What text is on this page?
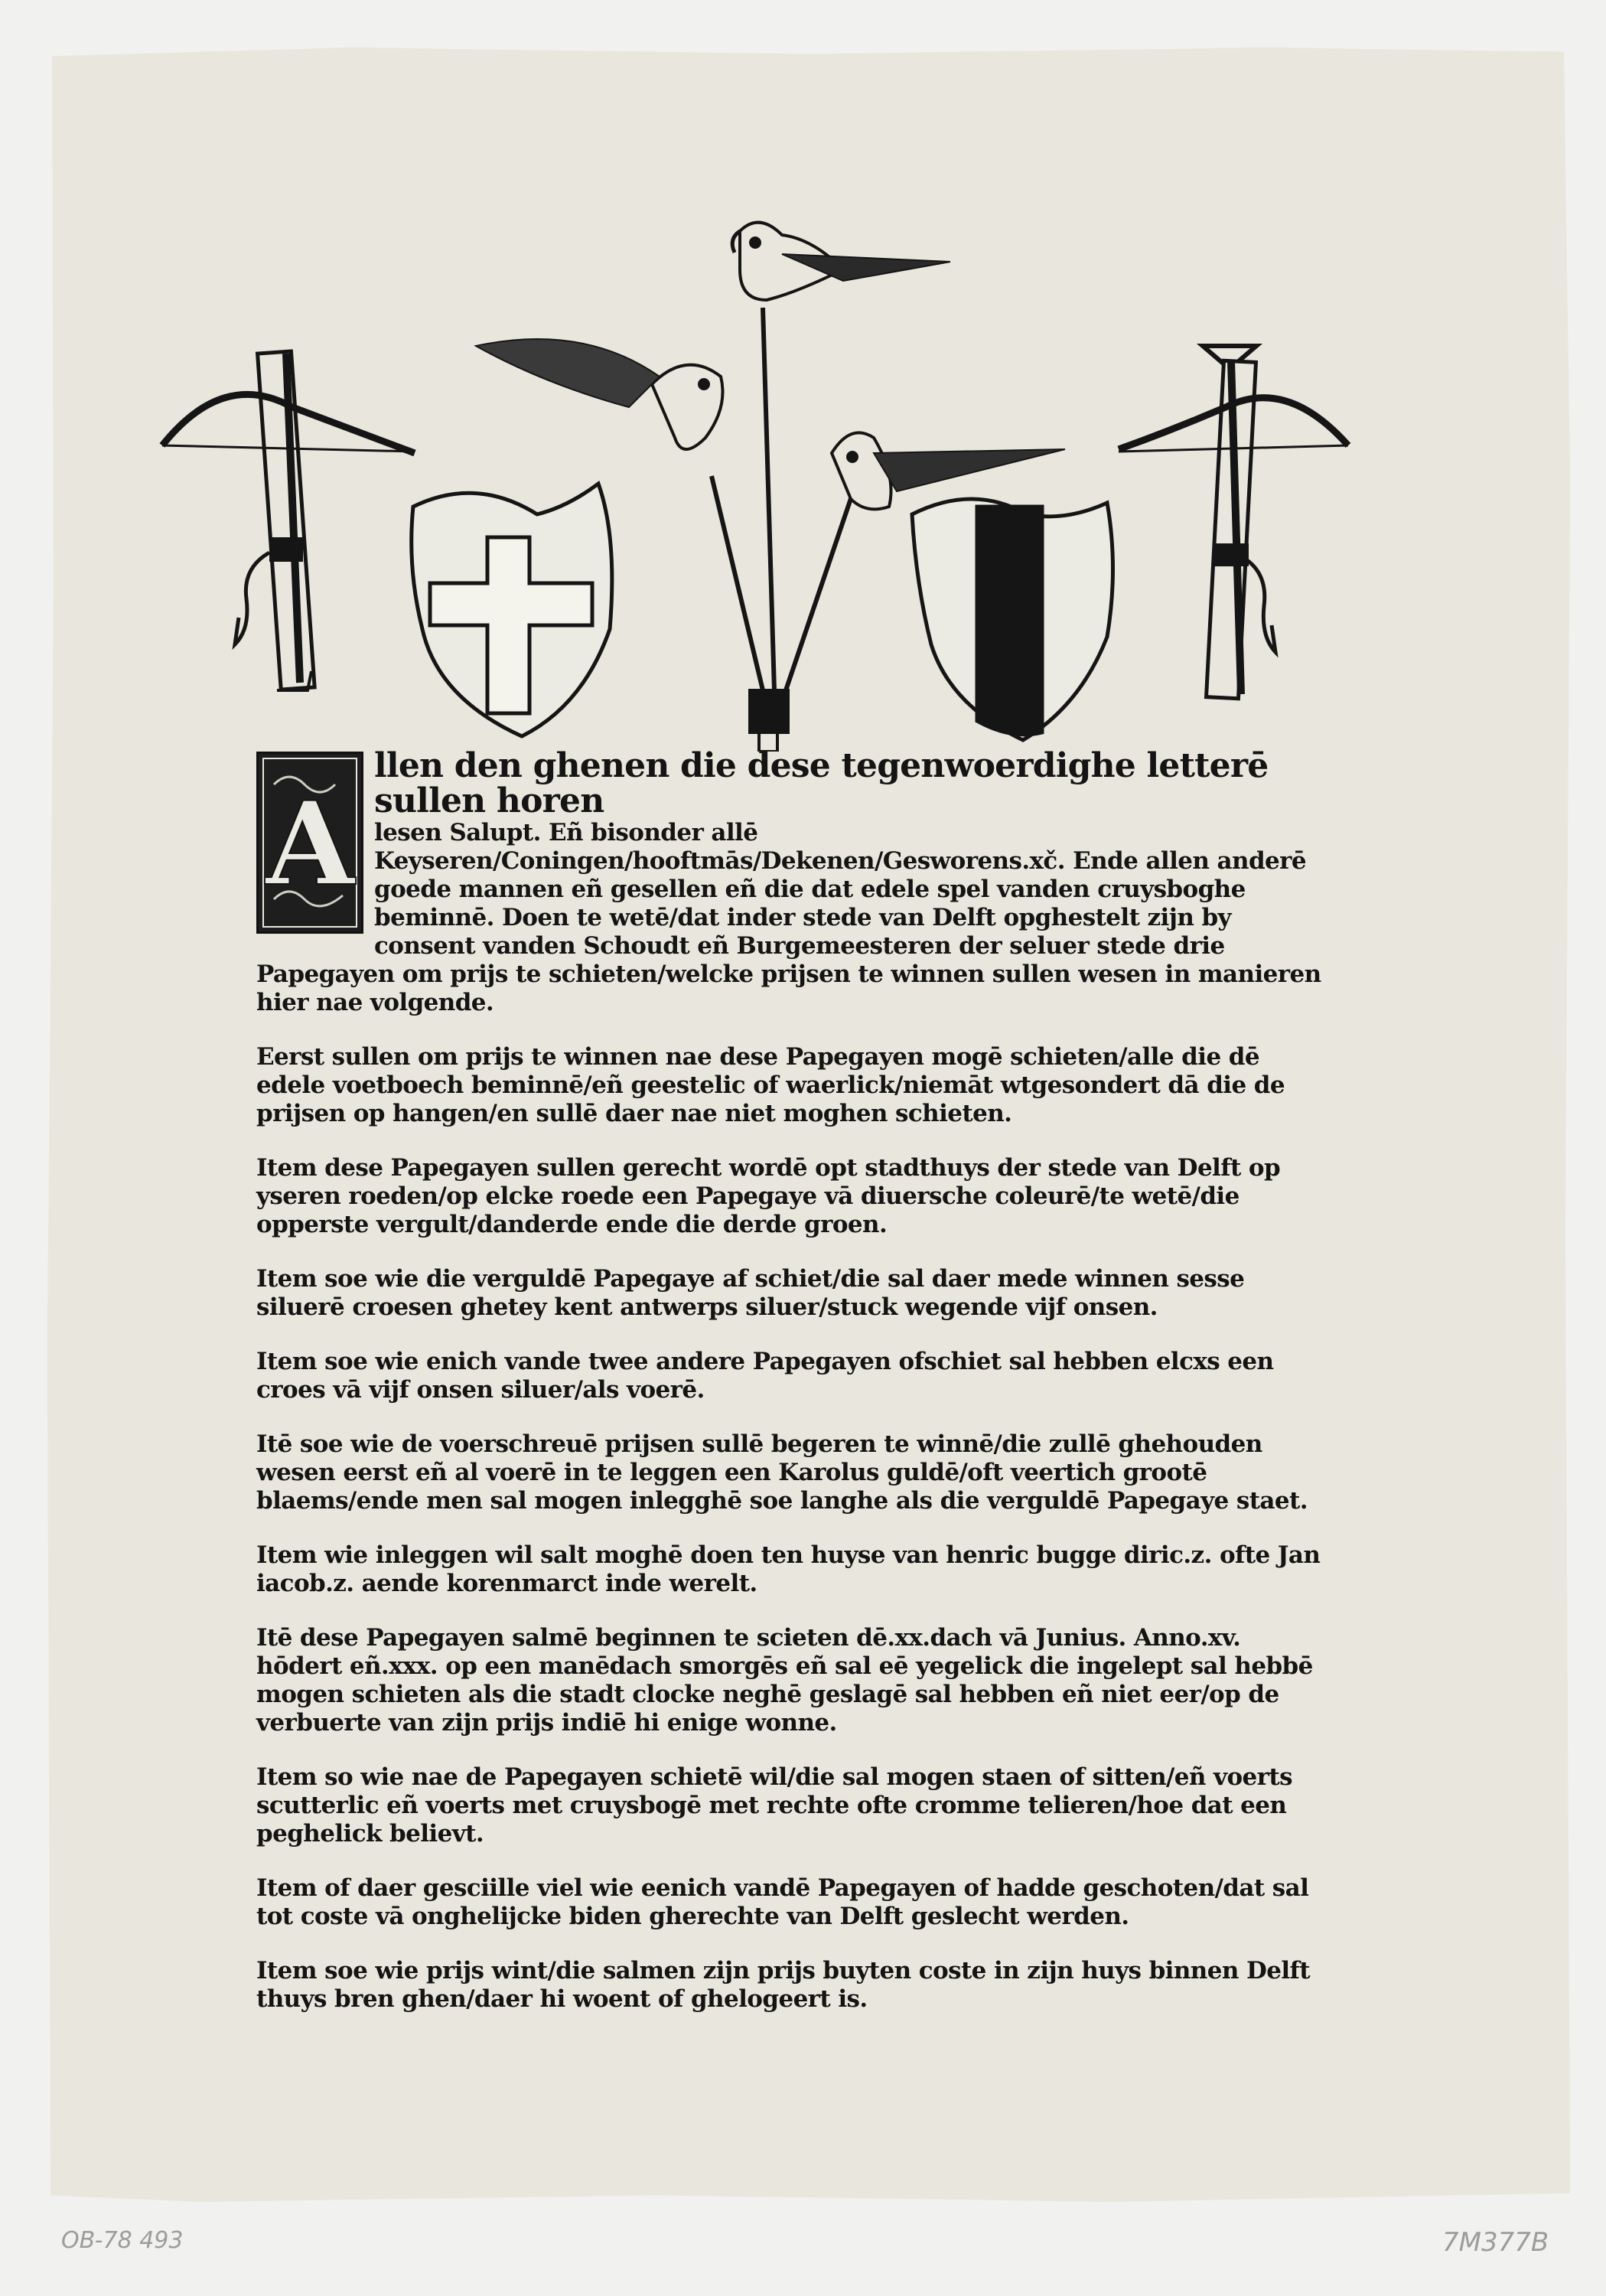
A
llen den ghenen die dese tegenwoerdighe letterē sullen horen
lesen Salupt. Eñ bisonder allē Keyseren/Coningen/hooftmās/Dekenen/Gesworens.xč. Ende allen anderē goede mannen eñ gesellen eñ die dat edele spel vanden cruysboghe beminnē. Doen te wetē/dat inder stede van Delft opghestelt zijn by consent vanden Schoudt eñ Burgemeesteren der seluer stede drie Papegayen om prijs te schieten/welcke prijsen te winnen sullen wesen in manieren hier nae volgende.

Eerst sullen om prijs te winnen nae dese Papegayen mogē schieten/alle die dē edele voetboech beminnē/eñ geestelic of waerlick/niemāt wtgesondert dā die de prijsen op hangen/en sullē daer nae niet moghen schieten.

Item dese Papegayen sullen gerecht wordē opt stadthuys der stede van Delft op yseren roeden/op elcke roede een Papegaye vā diuersche coleurē/te wetē/die opperste vergult/danderde ende die derde groen.

Item soe wie die verguldē Papegaye af schiet/die sal daer mede winnen sesse siluerē croesen ghetey kent antwerps siluer/stuck wegende vijf onsen.

Item soe wie enich vande twee andere Papegayen ofschiet sal hebben elcxs een croes vā vijf onsen siluer/als voerē.

Itē soe wie de voerschreuē prijsen sullē begeren te winnē/die zullē ghehouden wesen eerst eñ al voerē in te leggen een Karolus guldē/oft veertich grootē blaems/ende men sal mogen inlegghē soe langhe als die verguldē Papegaye staet.

Item wie inleggen wil salt moghē doen ten huyse van henric bugge diric.z. ofte Jan iacob.z. aende korenmarct inde werelt.

Itē dese Papegayen salmē beginnen te scieten dē.xx.dach vā Junius. Anno.xv. hōdert eñ.xxx. op een manēdach smorgēs eñ sal eē yegelick die ingelept sal hebbē mogen schieten als die stadt clocke neghē geslagē sal hebben eñ niet eer/op de verbuerte van zijn prijs indiē hi enige wonne.

Item so wie nae de Papegayen schietē wil/die sal mogen staen of sitten/eñ voerts scutterlic eñ voerts met cruysbogē met rechte ofte cromme telieren/hoe dat een peghelick believt.

Item of daer gesciille viel wie eenich vandē Papegayen of hadde geschoten/dat sal tot coste vā onghelijcke biden gherechte van Delft geslecht werden.

Item soe wie prijs wint/die salmen zijn prijs buyten coste in zijn huys binnen Delft thuys bren ghen/daer hi woent of ghelogeert is.

OB-78 493	7M377B
